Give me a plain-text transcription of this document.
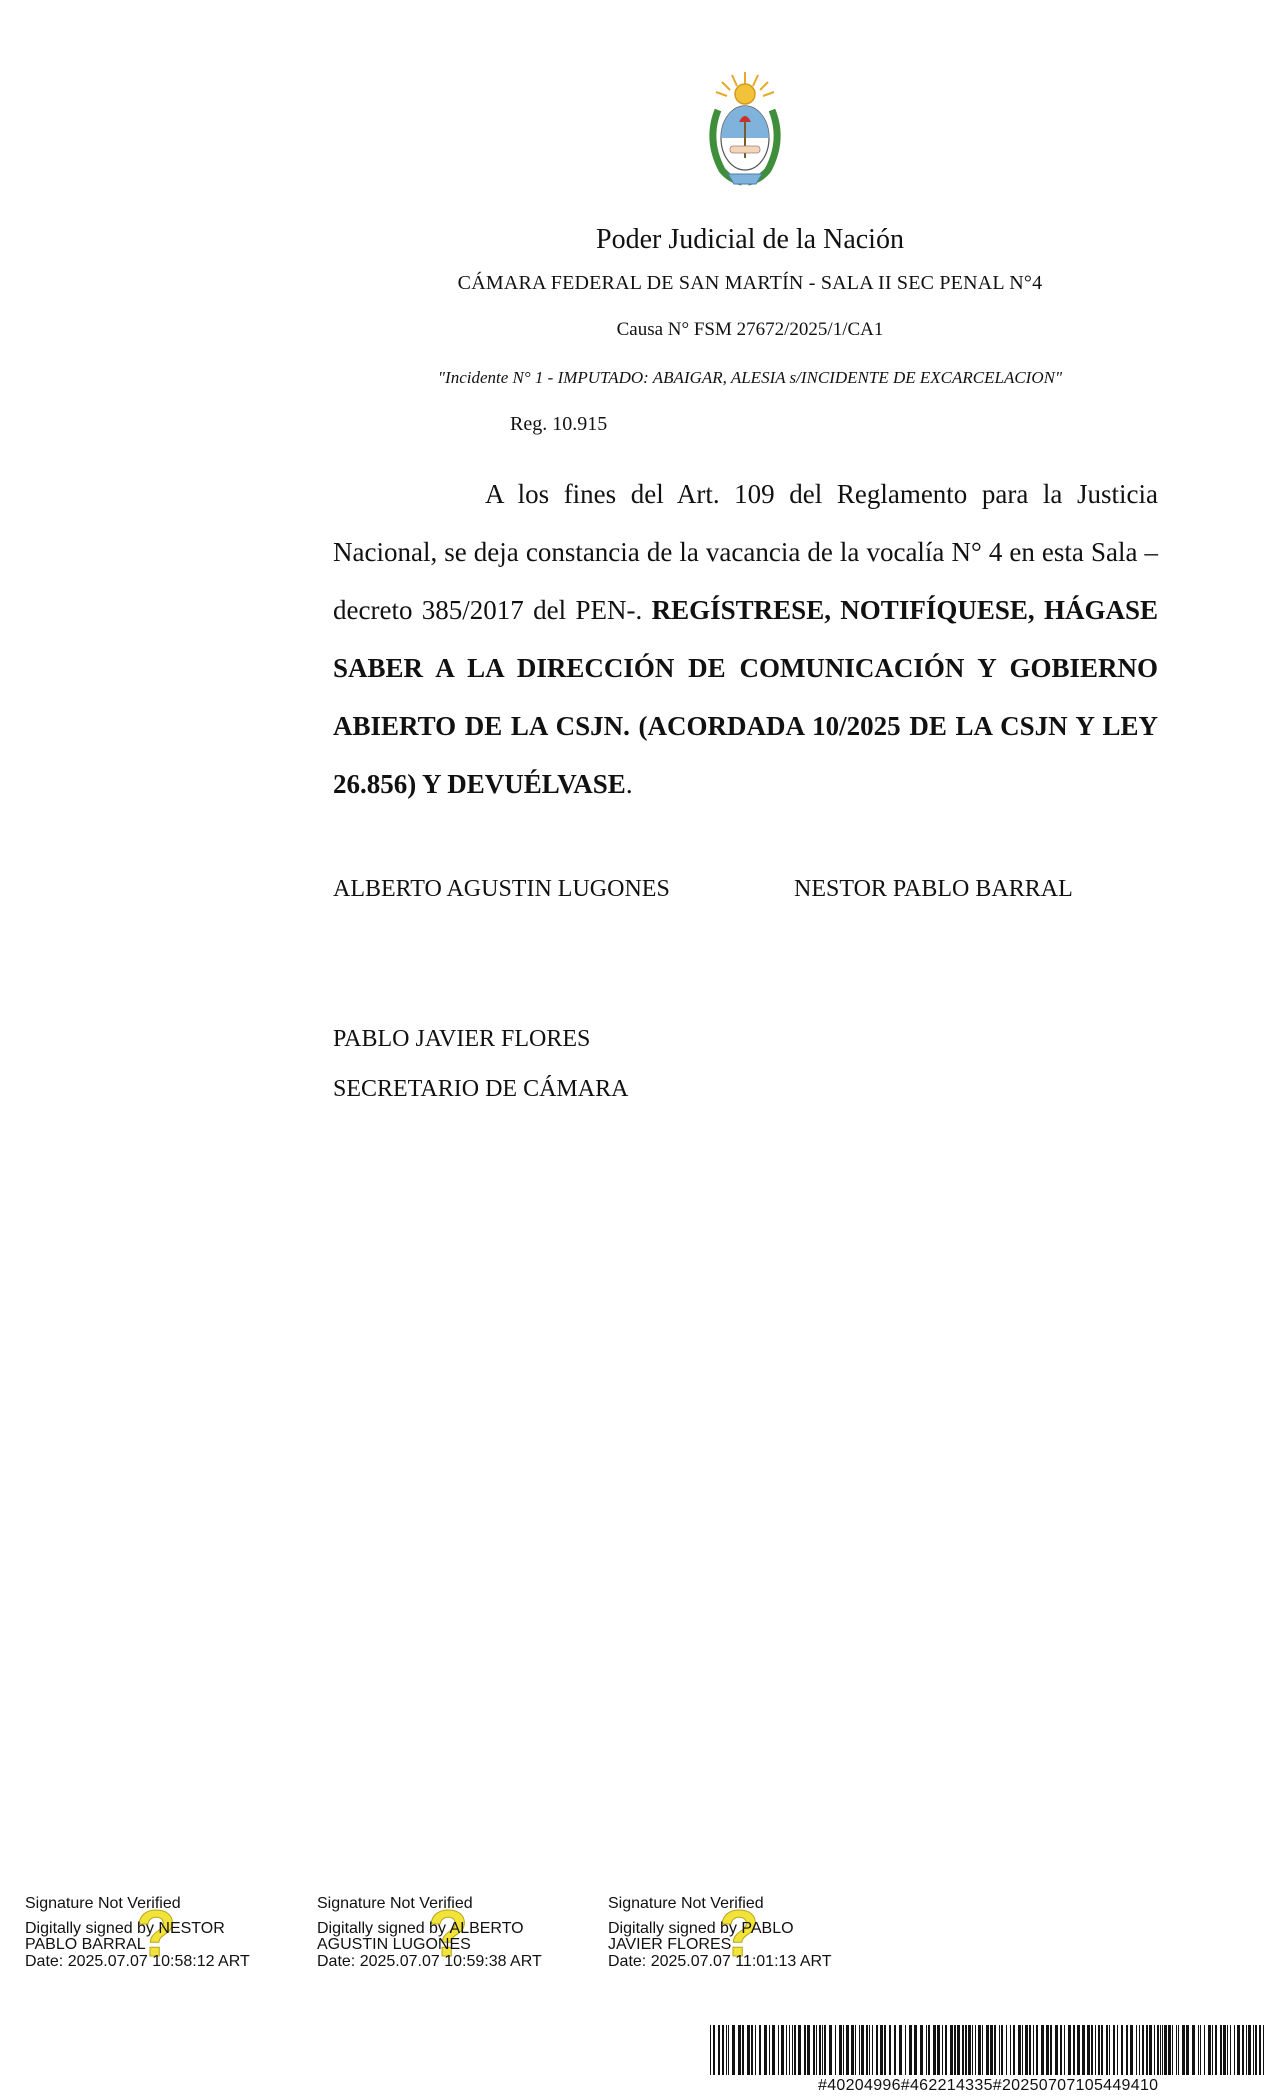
Poder Judicial de la Nación
CÁMARA FEDERAL DE SAN MARTÍN - SALA II SEC PENAL N°4
Causa N° FSM 27672/2025/1/CA1
"Incidente N° 1 - IMPUTADO: ABAIGAR, ALESIA s/INCIDENTE DE EXCARCELACION"
Reg. 10.915
A los fines del Art. 109 del Reglamento para la Justicia Nacional, se deja constancia de la vacancia de la vocalía N° 4 en esta Sala –decreto 385/2017 del PEN-. REGÍSTRESE, NOTIFÍQUESE, HÁGASE SABER A LA DIRECCIÓN DE COMUNICACIÓN Y GOBIERNO ABIERTO DE LA CSJN. (ACORDADA 10/2025 DE LA CSJN Y LEY 26.856) Y DEVUÉLVASE.
ALBERTO AGUSTIN LUGONES	NESTOR PABLO BARRAL
PABLO JAVIER FLORES
SECRETARIO DE CÁMARA
?
Signature Not Verified
Digitally signed by NESTOR
PABLO BARRAL
Date: 2025.07.07 10:58:12 ART	?
Signature Not Verified
Digitally signed by ALBERTO
AGUSTIN LUGONES
Date: 2025.07.07 10:59:38 ART	?
Signature Not Verified
Digitally signed by PABLO
JAVIER FLORES
Date: 2025.07.07 11:01:13 ART
#40204996#462214335#20250707105449410
